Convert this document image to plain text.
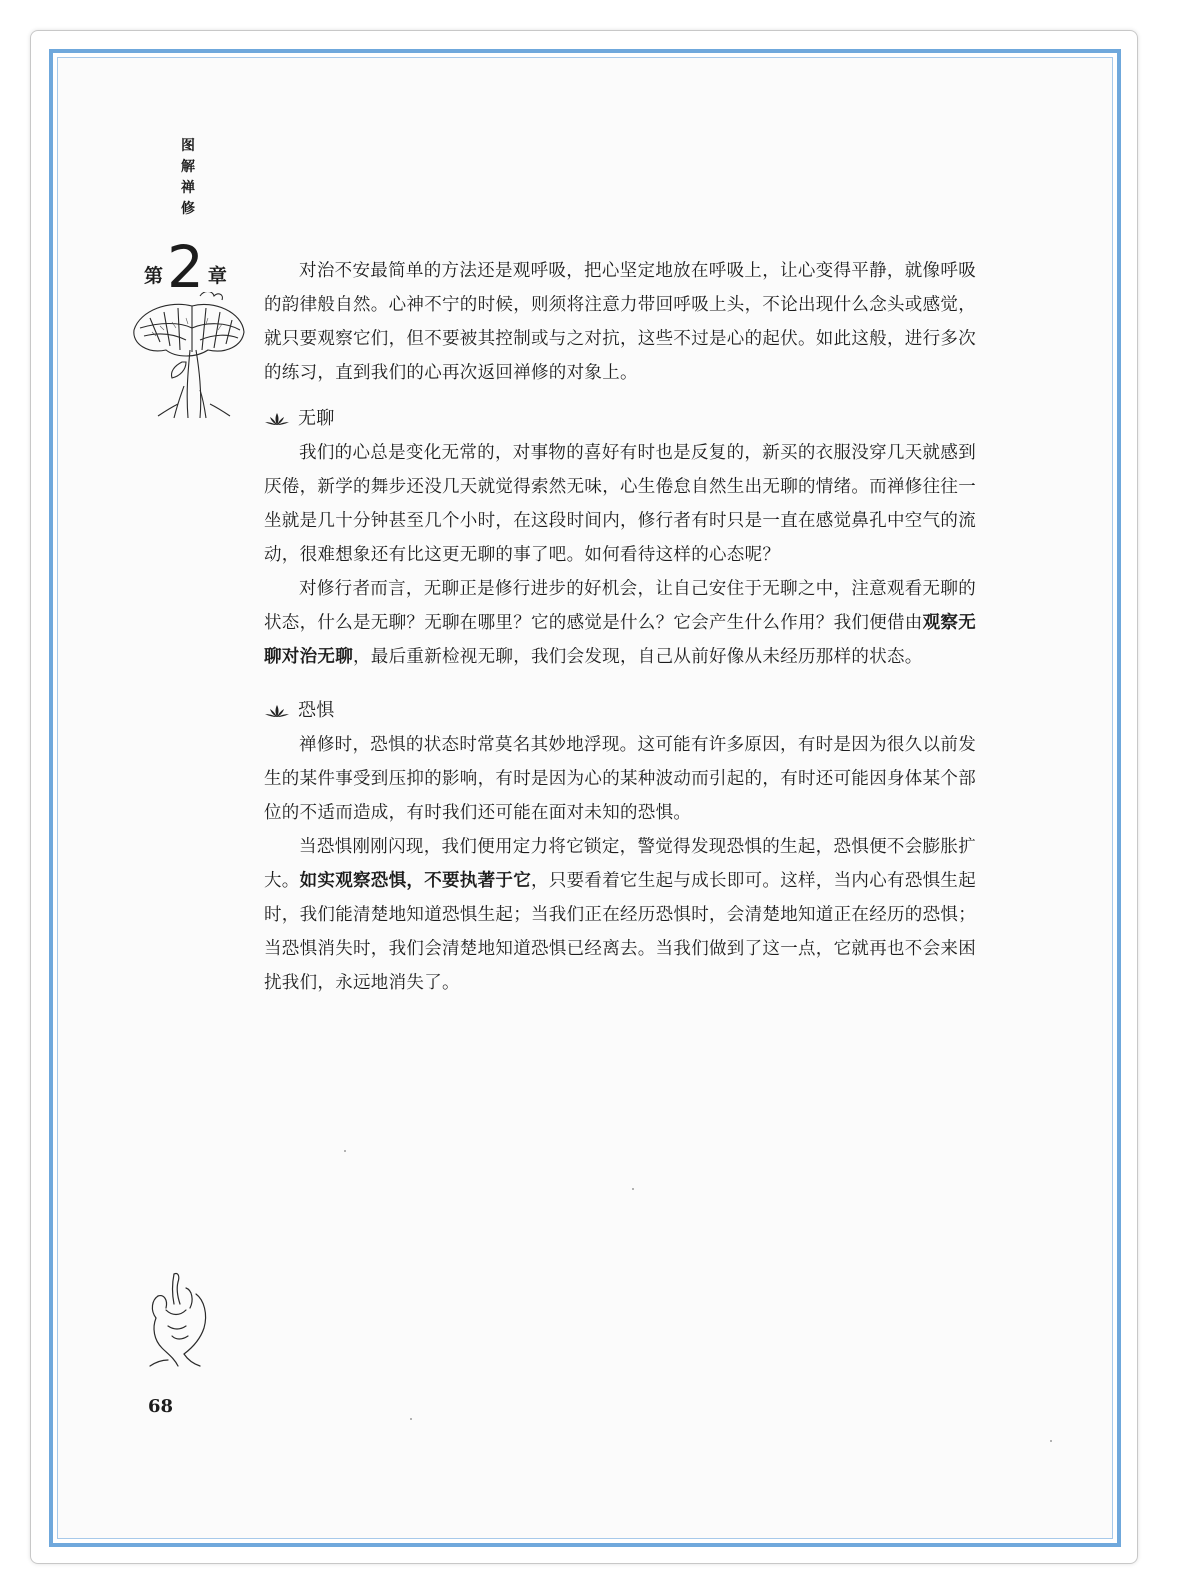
图
解
禅
修
第 2 章	对治不安最简单的方法还是观呼吸，把心坚定地放在呼吸上，让心变得平静，就像呼吸的韵律般自然。心神不宁的时候，则须将注意力带回呼吸上头，不论出现什么念头或感觉，就只要观察它们，但不要被其控制或与之对抗，这些不过是心的起伏。如此这般，进行多次的练习，直到我们的心再次返回禅修的对象上。

无聊

我们的心总是变化无常的，对事物的喜好有时也是反复的，新买的衣服没穿几天就感到厌倦，新学的舞步还没几天就觉得索然无味，心生倦怠自然生出无聊的情绪。而禅修往往一坐就是几十分钟甚至几个小时，在这段时间内，修行者有时只是一直在感觉鼻孔中空气的流动，很难想象还有比这更无聊的事了吧。如何看待这样的心态呢？

对修行者而言，无聊正是修行进步的好机会，让自己安住于无聊之中，注意观看无聊的状态，什么是无聊？无聊在哪里？它的感觉是什么？它会产生什么作用？我们便借由观察无聊对治无聊，最后重新检视无聊，我们会发现，自己从前好像从未经历那样的状态。

恐惧

禅修时，恐惧的状态时常莫名其妙地浮现。这可能有许多原因，有时是因为很久以前发生的某件事受到压抑的影响，有时是因为心的某种波动而引起的，有时还可能因身体某个部位的不适而造成，有时我们还可能在面对未知的恐惧。

当恐惧刚刚闪现，我们便用定力将它锁定，警觉得发现恐惧的生起，恐惧便不会膨胀扩大。如实观察恐惧，不要执著于它，只要看着它生起与成长即可。这样，当内心有恐惧生起时，我们能清楚地知道恐惧生起；当我们正在经历恐惧时，会清楚地知道正在经历的恐惧；当恐惧消失时，我们会清楚地知道恐惧已经离去。当我们做到了这一点，它就再也不会来困扰我们，永远地消失了。

68
